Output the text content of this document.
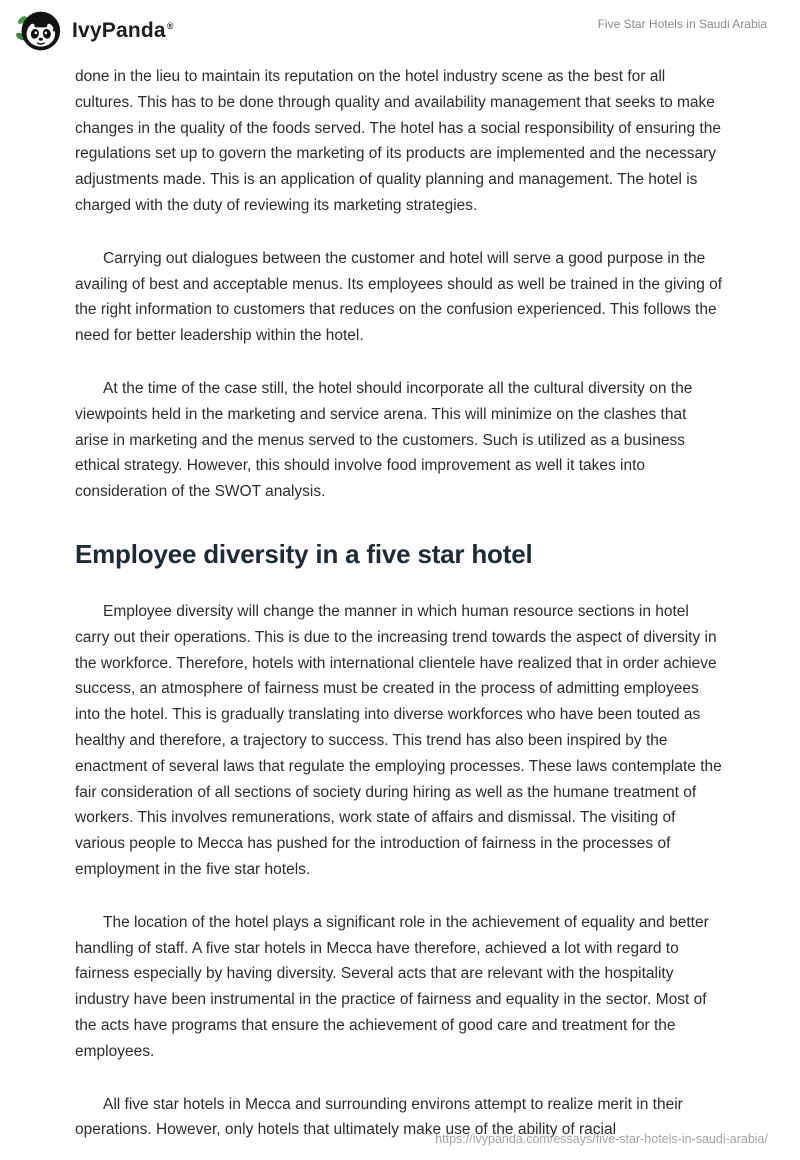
IvyPanda®	Five Star Hotels in Saudi Arabia

done in the lieu to maintain its reputation on the hotel industry scene as the best for all cultures. This has to be done through quality and availability management that seeks to make changes in the quality of the foods served. The hotel has a social responsibility of ensuring the regulations set up to govern the marketing of its products are implemented and the necessary adjustments made. This is an application of quality planning and management. The hotel is charged with the duty of reviewing its marketing strategies.

Carrying out dialogues between the customer and hotel will serve a good purpose in the availing of best and acceptable menus. Its employees should as well be trained in the giving of the right information to customers that reduces on the confusion experienced. This follows the need for better leadership within the hotel.

At the time of the case still, the hotel should incorporate all the cultural diversity on the viewpoints held in the marketing and service arena. This will minimize on the clashes that arise in marketing and the menus served to the customers. Such is utilized as a business ethical strategy. However, this should involve food improvement as well it takes into consideration of the SWOT analysis.

Employee diversity in a five star hotel

Employee diversity will change the manner in which human resource sections in hotel carry out their operations. This is due to the increasing trend towards the aspect of diversity in the workforce. Therefore, hotels with international clientele have realized that in order achieve success, an atmosphere of fairness must be created in the process of admitting employees into the hotel. This is gradually translating into diverse workforces who have been touted as healthy and therefore, a trajectory to success. This trend has also been inspired by the enactment of several laws that regulate the employing processes. These laws contemplate the fair consideration of all sections of society during hiring as well as the humane treatment of workers. This involves remunerations, work state of affairs and dismissal. The visiting of various people to Mecca has pushed for the introduction of fairness in the processes of employment in the five star hotels.

The location of the hotel plays a significant role in the achievement of equality and better handling of staff. A five star hotels in Mecca have therefore, achieved a lot with regard to fairness especially by having diversity. Several acts that are relevant with the hospitality industry have been instrumental in the practice of fairness and equality in the sector. Most of the acts have programs that ensure the achievement of good care and treatment for the employees.

All five star hotels in Mecca and surrounding environs attempt to realize merit in their operations. However, only hotels that ultimately make use of the ability of racial

https://ivypanda.com/essays/five-star-hotels-in-saudi-arabia/
